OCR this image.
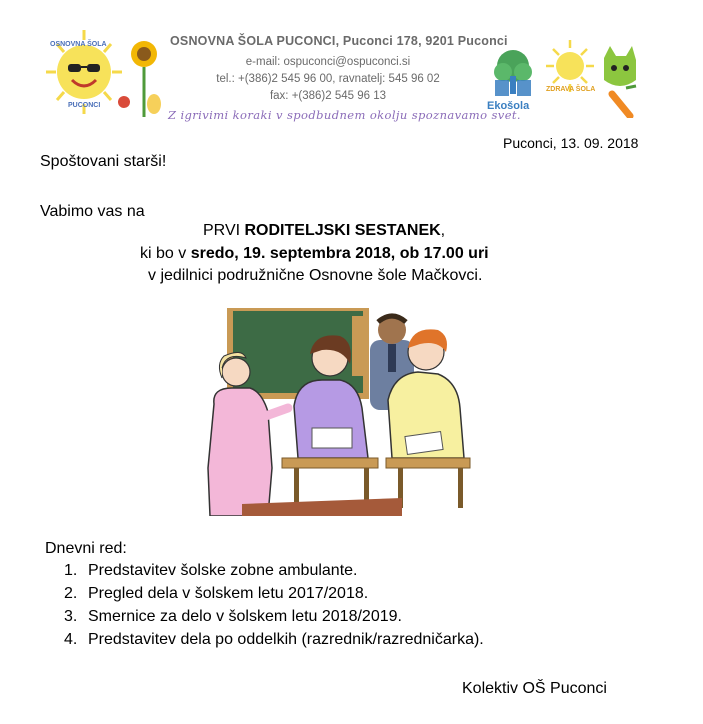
OSNOVNA ŠOLA
PUCONCI
OSNOVNA ŠOLA PUCONCI, Puconci 178, 9201 Puconci
e-mail: ospuconci@ospuconci.si
tel.: +(386)2 545 96 00, ravnatelj: 545 96 02
fax: +(386)2 545 96 13
Z igrivimi koraki v spodbudnem okolju spoznavamo svet.
Ekošola
ZDRAVA ŠOLA
Puconci, 13. 09. 2018
Spoštovani starši!
Vabimo vas na
PRVI RODITELJSKI SESTANEK,
ki bo v sredo, 19. septembra 2018, ob 17.00 uri
v jedilnici podružnične Osnovne šole Mačkovci.
Dnevni red:
1. Predstavitev šolske zobne ambulante.
2. Pregled dela v šolskem letu 2017/2018.
3. Smernice za delo v šolskem letu 2018/2019.
4. Predstavitev dela po oddelkih (razrednik/razredničarka).
Kolektiv OŠ Puconci
